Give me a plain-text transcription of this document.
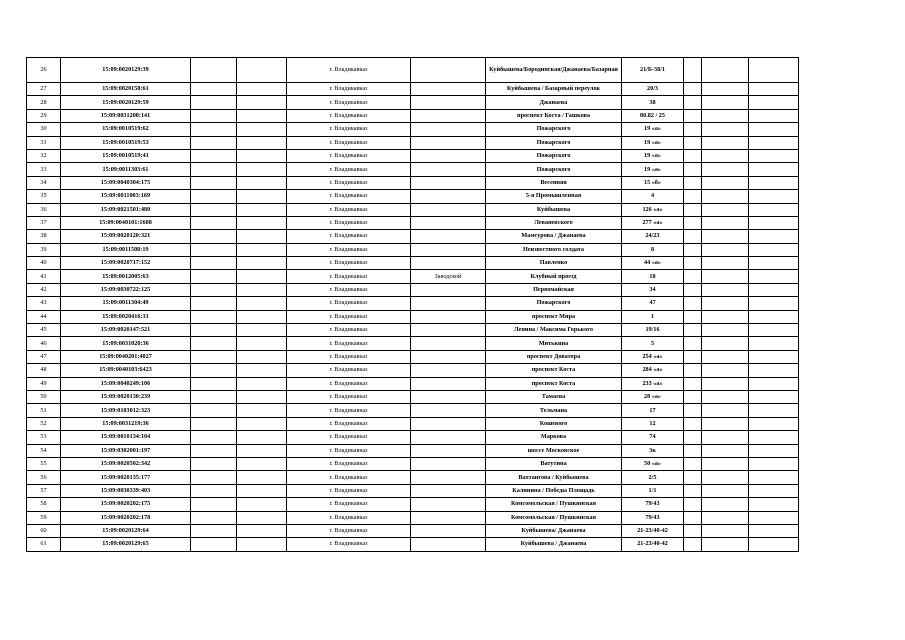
26	15:09:0020129:39			г. Владикавказ		Куйбышева/Бородинская/Джанаева/Базарная	21/Б-38/1			
27	15:09:0020158:61			г. Владикавказ		Куйбышева / Базарный переулок	20/3			
28	15:09:0020129:59			г. Владикавказ		Джанаева	38			
29	15:09:0031208:141			г. Владикавказ		проспект Коста / Гашкова	80.82 / 25			
30	15:09:0010519:62			г. Владикавказ		Пожарского	19 «а»			
31	15:09:0010519:53			г. Владикавказ		Пожарского	19 «а»			
32	15:09:0010519:41			г. Владикавказ		Пожарского	19 «а»			
33	15:09:0011303:61			г. Владикавказ		Пожарского	19 «а»			
34	15:09:0040304:175			г. Владикавказ		Весенняя	15 «б»			
35	15:09:0011003:169			г. Владикавказ		5-я Промышленная	4			
36	15:09:0021501:480			г. Владикавказ		Куйбышева	126 «а»			
37	15:09:0040101:1608			г. Владикавказ		Леваневского	277 «а»			
38	15:09:0020120:321			г. Владикавказ		Мамсурова / Джанаева	24/23			
39	15:09:0011508:19			г. Владикавказ		Неизвестного солдата	8			
40	15:09:0020717:152			г. Владикавказ		Павленко	44 «а»			
41	15:09:0012005:63			г. Владикавказ	Заводской	Клубный проезд	18			
42	15:09:0030722:125			г. Владикавказ		Первомайская	34			
43	15:09:0011304:49			г. Владикавказ		Пожарского	47			
44	15:09:0020416:31			г. Владикавказ		проспект Мира	1			
45	15:09:0020147:521			г. Владикавказ		Ленина / Максима Горького	19/16			
46	15:09:0031020:36			г. Владикавказ		Митькина	5			
47	15:09:0040201:4027			г. Владикавказ		проспект Доватора	254 «а»			
48	15:09:0040103:6423			г. Владикавказ		проспект Коста	284 «а»			
49	15:09:0040249:106			г. Владикавказ		проспект Коста	233 «а»			
50	15:09:0020130:239			г. Владикавказ		Тамаева	28 «а»			
51	15:09:0103012:323			г. Владикавказ		Тельмана	17			
52	15:09:0031219:36			г. Владикавказ		Кошевого	12			
53	15:09:0010134:104			г. Владикавказ		Маркова	74			
54	15:09:0302001:197			г. Владикавказ		шоссе Московское	3к			
55	15:09:0020502:342			г. Владикавказ		Ватутина	50 «а»			
56	15:09:0020135:177			г. Владикавказ		Вахтангова / Куйбышева	2/5			
57	15:09:0030339:403			г. Владикавказ		Калинина / Победы Площадь	1/1			
58	15:09:0020202:175			г. Владикавказ		Комсомольская / Пушкинская	79/43			
59	15:09:0020202:178			г. Владикавказ		Комсомольская / Пушкинская	79/43			
60	15:09:0020129:64			г. Владикавказ		Куйбышева/ Джанаева	21-23/40-42			
61	15:09:0020129:65			г. Владикавказ		Куйбышева / Джанаева	21-23/40-42			
